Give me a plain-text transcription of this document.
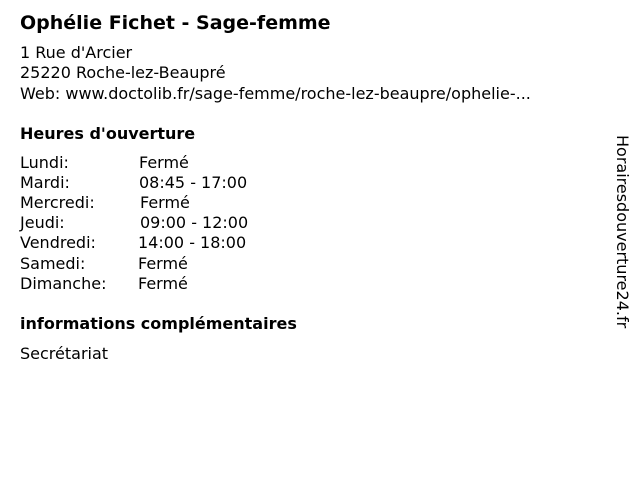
Ophélie Fichet - Sage-femme
1 Rue d'Arcier
25220 Roche-lez-Beaupré
Web: www.doctolib.fr/sage-femme/roche-lez-beaupre/ophelie-...
Heures d'ouverture
Lundi:	Fermé
Mardi:	08:45 - 17:00
Mercredi:	Fermé
Jeudi:	09:00 - 12:00
Vendredi:	14:00 - 18:00
Samedi:	Fermé
Dimanche: Fermé
informations complémentaires
Secrétariat
Horairesdouverture24.fr
